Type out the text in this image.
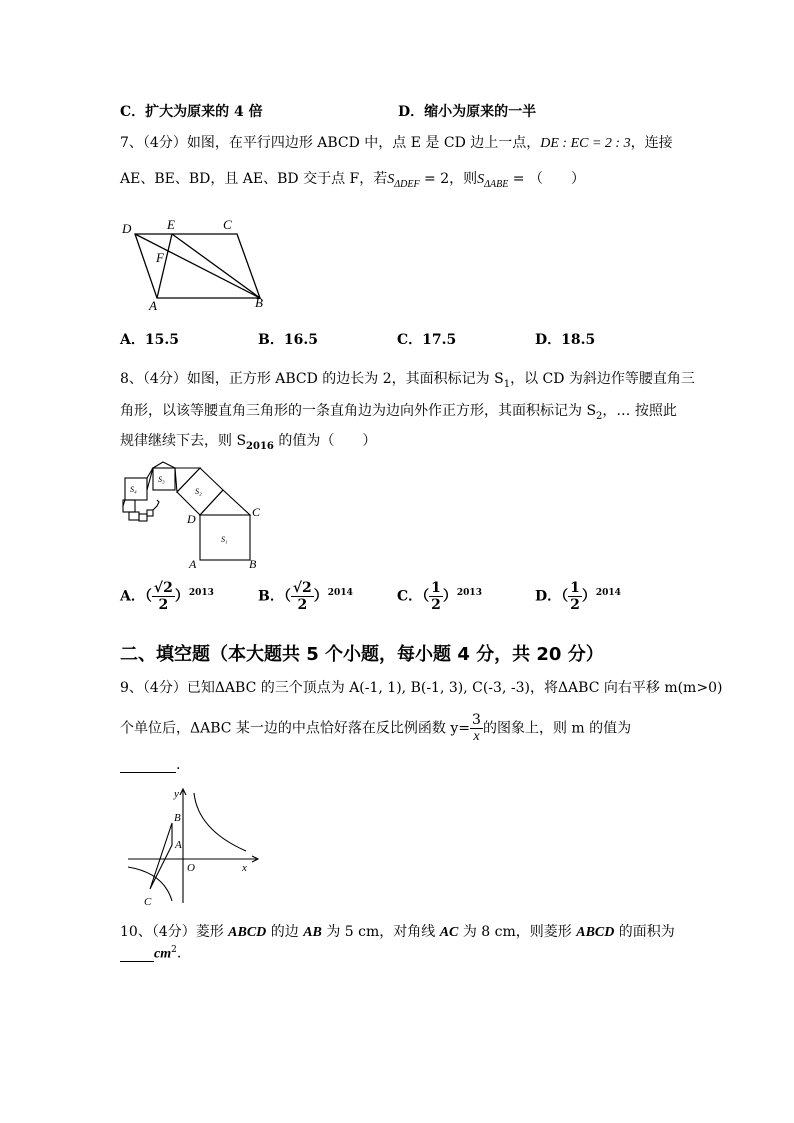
C．扩大为原来的 4 倍	D．缩小为原来的一半
7、（4分）如图，在平行四边形 ABCD 中，点 E 是 CD 边上一点，DE : EC = 2 : 3，连接
AE、BE、BD，且 AE、BD 交于点 F，若$S_{\Delta DEF} = 2$，则$S_{\Delta ABE}$ = （　　）
D	E	C
F
A	B
A．15.5	B．16.5	C．17.5	D．18.5
8、（4分）如图，正方形 ABCD 的边长为 2，其面积标记为 $S_1$，以 CD 为斜边作等腰直角三
角形，以该等腰直角三角形的一条直角边为边向外作正方形，其面积标记为 $S_2$，… 按照此
规律继续下去，则 $S_{2016}$ 的值为（　　）
S₁
S₂
S₃
S₄
D	C
A	B
A．（ $\frac{√2}{2} )^{2013}$	B．（ $\frac{√2}{2} )^{2014}$	C．（ $\frac{1}{2} )^{2013}$	D．（ $\frac{1}{2} )^{2014}$
二、填空题（本大题共 5 个小题，每小题 4 分，共 20 分）
9、（4分）已知ΔABC 的三个顶点为 A(-1, 1), B(-1, 3), C(-3, -3)，将ΔABC 向右平移 m(m>0)
个单位后，ΔABC 某一边的中点恰好落在反比例函数 $y= \frac{3}{x}$ 的图象上，则 m 的值为
.
y
x
O
A
B
C
10、（4分）菱形 ABCD 的边 AB 为 5 cm，对角线 AC 为 8 cm，则菱形 ABCD 的面积为
$cm^2$.
